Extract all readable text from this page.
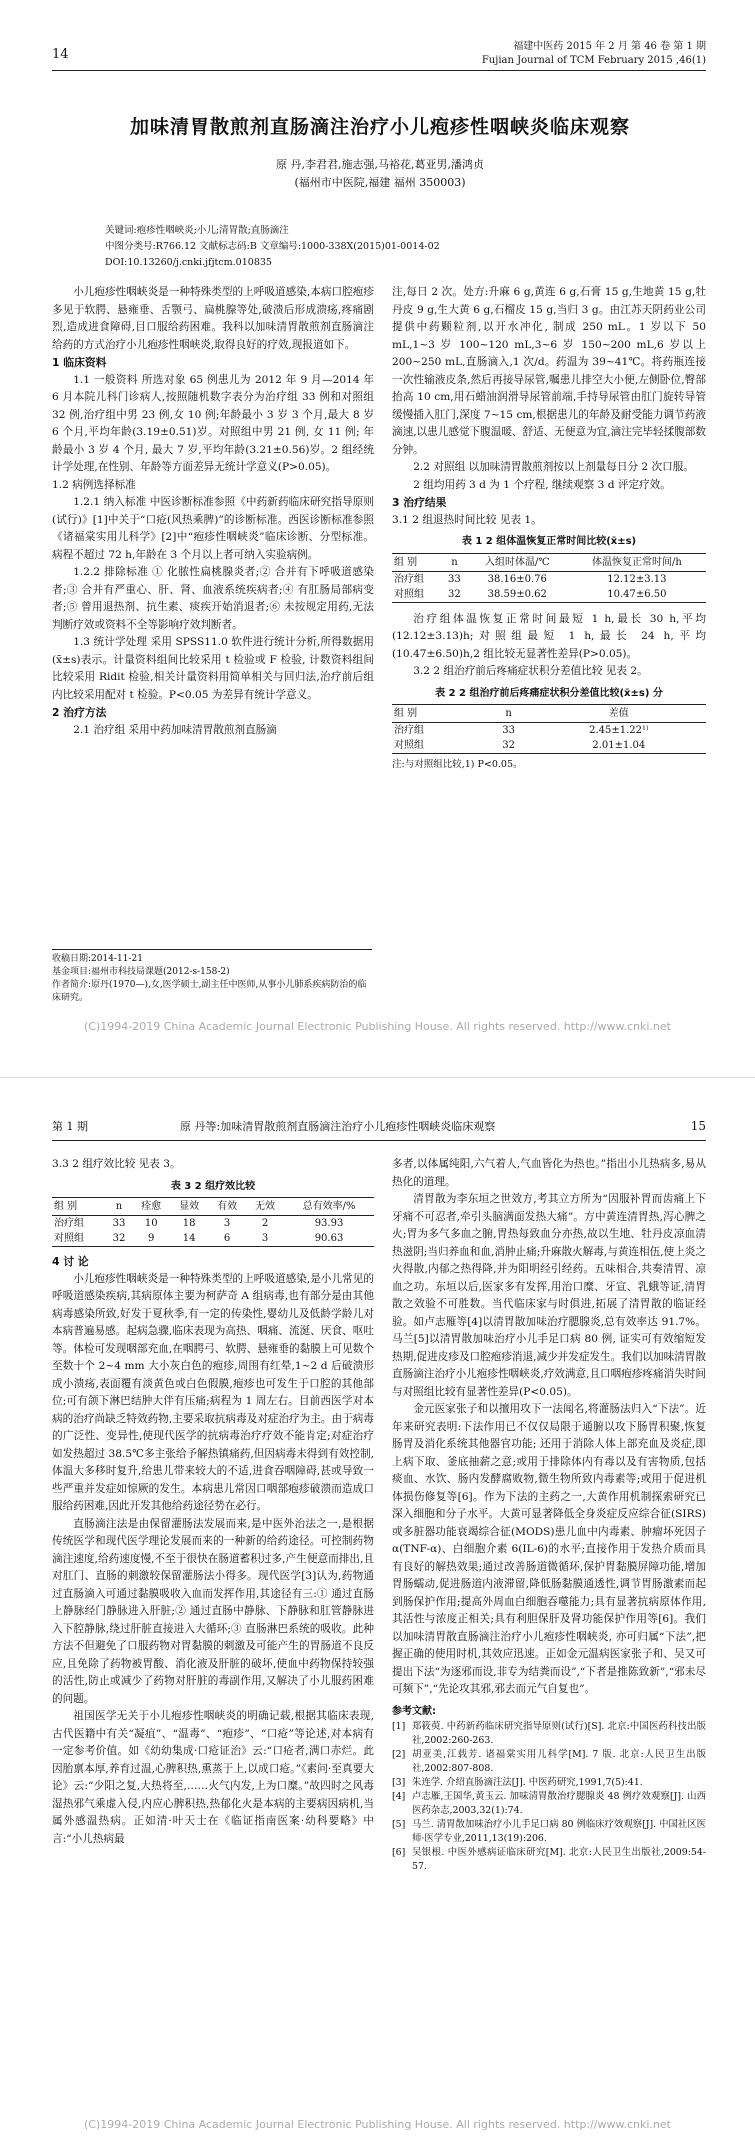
14
福建中医药 2015 年 2 月 第 46 卷 第 1 期
Fujian Journal of TCM February 2015 ,46(1)
加味清胃散煎剂直肠滴注治疗小儿疱疹性咽峡炎临床观察
原 丹,李君君,施志强,马裕花,葛亚男,潘鸿贞
(福州市中医院,福建 福州 350003)
关键词:疱疹性咽峡炎;小儿;清胃散;直肠滴注
中图分类号:R766.12 文献标志码:B 文章编号:1000-338X(2015)01-0014-02
DOI:10.13260/j.cnki.jfjtcm.010835

小儿疱疹性咽峡炎是一种特殊类型的上呼吸道感染,本病口腔疱疹多见于软腭、悬雍垂、舌颚弓、扁桃腺等处,破溃后形成溃疡,疼痛剧烈,造成进食障碍,目口服给药困难。我科以加味清胃散煎剂直肠滴注给药的方式治疗小儿疱疹性咽峡炎,取得良好的疗效,现报道如下。

1 临床资料

1.1 一般资料 所选对象 65 例患儿为 2012 年 9 月—2014 年 6 月本院儿科门诊病人,按照随机数字表分为治疗组 33 例和对照组 32 例,治疗组中男 23 例,女 10 例;年龄最小 3 岁 3 个月,最大 8 岁 6 个月,平均年龄(3.19±0.51)岁。对照组中男 21 例, 女 11 例; 年龄最小 3 岁 4 个月, 最大 7 岁,平均年龄(3.21±0.56)岁。2 组经统计学处理,在性别、年龄等方面差异无统计学意义(P>0.05)。

1.2 病例选择标准

1.2.1 纳入标准 中医诊断标准参照《中药新药临床研究指导原则(试行)》[1]中关于“口疮(风热乘脾)”的诊断标准。西医诊断标准参照《诸福棠实用儿科学》[2]中“疱疹性咽峡炎”临床诊断、分型标准。病程不超过 72 h,年龄在 3 个月以上者可纳入实验病例。

1.2.2 排除标准 ① 化脓性扁桃腺炎者;② 合并有下呼吸道感染者;③ 合并有严重心、肝、肾、血液系统疾病者;④ 有肛肠局部病变者;⑤ 曾用退热剂、抗生素、痰疾开始消退者;⑥ 未按规定用药,无法判断疗效或资料不全等影响疗效判断者。

1.3 统计学处理 采用 SPSS11.0 软件进行统计分析,所得数据用(x̄±s)表示。计量资料组间比较采用 t 检验或 F 检验, 计数资料组间比较采用 Ridit 检验,相关计量资料用简单相关与回归法,治疗前后组内比较采用配对 t 检验。P<0.05 为差异有统计学意义。

2 治疗方法

2.1 治疗组 采用中药加味清胃散煎剂直肠滴

收稿日期:2014-11-21
基金项目:福州市科技局课题(2012-s-158-2)
作者简介:原丹(1970—),女,医学硕士,副主任中医师,从事小儿肺系疾病防治的临床研究。

注,每日 2 次。处方:升麻 6 g,黄连 6 g,石膏 15 g,生地黄 15 g,牡丹皮 9 g,生大黄 6 g,石榴皮 15 g,当归 3 g。由江苏天阴药业公司提供中药颗粒剂,以开水冲化, 制成 250 mL。1 岁以下 50 mL,1~3 岁 100~120 mL,3~6 岁 150~200 mL,6 岁以上 200~250 mL,直肠滴入,1 次/d。药温为 39~41℃。将药瓶连接一次性输液皮条,然后再接导尿管,嘱患儿排空大小便,左侧卧位,臀部抬高 10 cm,用石蜡油润滑导尿管前端,手持导尿管由肛门旋转导管缓慢插入肛门,深度 7~15 cm,根据患儿的年龄及耐受能力调节药液滴速,以患儿感觉下腹温暖、舒适、无便意为宜,滴注完毕轻揉腹部数分钟。

2.2 对照组 以加味清胃散煎剂按以上剂量每日分 2 次口服。

2 组均用药 3 d 为 1 个疗程, 继续观察 3 d 评定疗效。

3 治疗结果

3.1 2 组退热时间比较 见表 1。

表 1 2 组体温恢复正常时间比较(x̄±s)
组 别	n	入组时体温/℃	体温恢复正常时间/h
治疗组	33	38.16±0.76	12.12±3.13
对照组	32	38.59±0.62	10.47±6.50

治疗组体温恢复正常时间最短 1 h,最长 30 h,平均(12.12±3.13)h;对照组最短 1 h,最长 24 h,平均(10.47±6.50)h,2 组比较无显著性差异(P>0.05)。

3.2 2 组治疗前后疼痛症状积分差值比较 见表 2。

表 2 2 组治疗前后疼痛症状积分差值比较(x̄±s) 分
组 别	n	差值
治疗组	33	2.45±1.22¹⁾
对照组	32	2.01±1.04
注:与对照组比较,1) P<0.05。
(C)1994-2019 China Academic Journal Electronic Publishing House. All rights reserved. http://www.cnki.net
第 1 期	原 丹等:加味清胃散煎剂直肠滴注治疗小儿疱疹性咽峡炎临床观察	15

3.3 2 组疗效比较 见表 3。

表 3 2 组疗效比较
组 别	n	痊愈	显效	有效	无效	总有效率/%
治疗组	33	10	18	3	2	93.93
对照组	32	9	14	6	3	90.63

4 讨 论

小儿疱疹性咽峡炎是一种特殊类型的上呼吸道感染,是小儿常见的呼吸道感染疾病,其病原体主要为柯萨奇 A 组病毒,也有部分是由其他病毒感染所致,好发于夏秋季,有一定的传染性,婴幼儿及低龄学龄儿对本病普遍易感。起病急骤,临床表现为高热、咽痛、流涎、厌食、呕吐等。体检可发现咽部充血,在咽腭弓、软腭、悬雍垂的黏膜上可见数个至数十个 2~4 mm 大小灰白色的疱疹,周围有红晕,1~2 d 后破溃形成小溃疡,表面覆有淡黄色或白色假膜,疱疹也可发生于口腔的其他部位;可有颌下淋巴结肿大伴有压痛;病程为 1 周左右。目前西医学对本病的治疗尚缺乏特效药物,主要采取抗病毒及对症治疗为主。由于病毒的广泛性、变异性,使现代医学的抗病毒治疗疗效不能肯定;对症治疗如发热超过 38.5℃多主张给予解热镇痛药,但因病毒未得到有效控制,体温大多移时复升,给患儿带来较大的不适,进食吞咽障碍,甚或导致一些严重并发症如惊厥的发生。本病患儿常因口咽部疱疹破溃而造成口服给药困难,因此开发其他给药途径势在必行。

直肠滴注法是由保留灌肠法发展而来,是中医外治法之一,是根据传统医学和现代医学理论发展而来的一种新的给药途径。可控制药物滴注速度,给药速度慢,不至于很快在肠道蓄积过多,产生便意而排出,且对肛门、直肠的刺激较保留灌肠法小得多。现代医学[3]认为,药物通过直肠滴入可通过黏膜吸收入血而发挥作用,其途径有三:① 通过直肠上静脉经门静脉进入肝脏;② 通过直肠中静脉、下静脉和肛管静脉进入下腔静脉,绕过肝脏直接进入大循环;③ 直肠淋巴系统的吸收。此种方法不但避免了口服药物对胃黏膜的刺激及可能产生的胃肠道不良反应,且免除了药物被胃酸、消化液及肝脏的破坏,使血中药物保持较强的活性,防止或减少了药物对肝脏的毒副作用,又解决了小儿服药困难的问题。

祖国医学无关于小儿疱疹性咽峡炎的明确记载,根据其临床表现,古代医籍中有关“凝疽”、“温毒”、“疱疹”、“口疮”等论述,对本病有一定参考价值。如《幼幼集成·口疮证治》云:“口疮者,满口赤烂。此因胎禀本厚,养育过温,心脾积热,熏蒸于上,以成口疮。”《素问·至真要大论》云:“少阳之复,大热将至,……火气内发,上为口糜。”故四时之风毒湿热邪气乘虚入侵,内应心脾积热,热郁化火是本病的主要病因病机,当属外感温热病。正如清·叶天士在《临证指南医案·幼科要略》中言:“小儿热病最

多者,以体属纯阳,六气着人,气血皆化为热也。”指出小儿热病多,易从热化的道理。

清胃散为李东垣之世效方,考其立方所为“因服补胃而齿痛上下牙痛不可忍者,牵引头脑满面发热大痛”。方中黄连清胃热,泻心脾之火;胃为多气多血之腑,胃热每致血分亦热,故以生地、牡丹皮凉血清热滋阴;当归养血和血,消肿止痛;升麻散火解毒,与黄连相伍,使上炎之火得散,内郁之热得降,并为阳明经引经药。五味相合,共奏清胃、凉血之功。东垣以后,医家多有发挥,用治口糜、牙宣、乳蛾等证,清胃散之效验不可胜数。当代临床家与时俱进,拓展了清胃散的临证经验。如卢志雁等[4]以清胃散加味治疗腮腺炎,总有效率达 91.7%。马兰[5]以清胃散加味治疗小儿手足口病 80 例, 证实可有效缩短发热期,促进皮疹及口腔疱疹消退,减少并发症发生。我们以加味清胃散直肠滴注治疗小儿疱疹性咽峡炎,疗效满意,且口咽疱疹疼痛消失时间与对照组比较有显著性差异(P<0.05)。

金元医家张子和以擅用攻下一法闻名,将灌肠法归入“下法”。近年来研究表明:下法作用已不仅仅局限于通腑以攻下肠胃积聚,恢复肠胃及消化系统其他器官功能; 还用于消除人体上部充血及炎症,即上病下取、釜底抽薪之意;或用于排除体内有毒以及有害物质,包括痰血、水饮、肠内发酵腐败物,微生物所致内毒素等;或用于促进机体损伤修复等[6]。作为下法的主药之一,大黄作用机制探索研究已深入细胞和分子水平。大黄可显著降低全身炎症反应综合征(SIRS)或多脏器功能衰竭综合征(MODS)患儿血中内毒素、肿瘤坏死因子 α(TNF-α)、白细胞介素 6(IL-6)的水平;直接作用于发热介质而具有良好的解热效果;通过改善肠道微循环,保护胃黏膜屏障功能,增加胃肠蠕动,促进肠道内液滞留,降低肠黏膜通透性,调节胃肠激素而起到肠保护作用;提高外周血白细胞吞噬能力;具有显著抗病原体作用,其活性与浓度正相关;具有利胆保肝及肾功能保护作用等[6]。我们以加味清胃散直肠滴注治疗小儿疱疹性咽峡炎, 亦可归属“下法”,把握正确的使用时机,其效应迅速。正如金元温病医家张子和、吴又可提出下法“为逐邪而设,非专为结粪而设”,“下者是推陈致新”,“邪未尽可频下”,“先论攻其邪,邪去而元气自复也”。

参考文献:

[1] 郑筱萸. 中药新药临床研究指导原则(试行)[S]. 北京:中国医药科技出版社,2002:260-263.

[2] 胡亚美,江载芳. 诸福棠实用儿科学[M]. 7 版. 北京:人民卫生出版社,2002:807-808.

[3] 朱连学. 介绍直肠滴注法[J]. 中医药研究,1991,7(5):41.

[4] 卢志雁,王国华,黄玉云. 加味清胃散治疗腮腺炎 48 例疗效观察[J]. 山西医药杂志,2003,32(1):74.

[5] 马兰. 清胃散加味治疗小儿手足口病 80 例临床疗效观察[J]. 中国社区医师·医学专业,2011,13(19):206.

[6] 吴银根. 中医外感病证临床研究[M]. 北京:人民卫生出版社,2009:54-57.

(C)1994-2019 China Academic Journal Electronic Publishing House. All rights reserved. http://www.cnki.net
